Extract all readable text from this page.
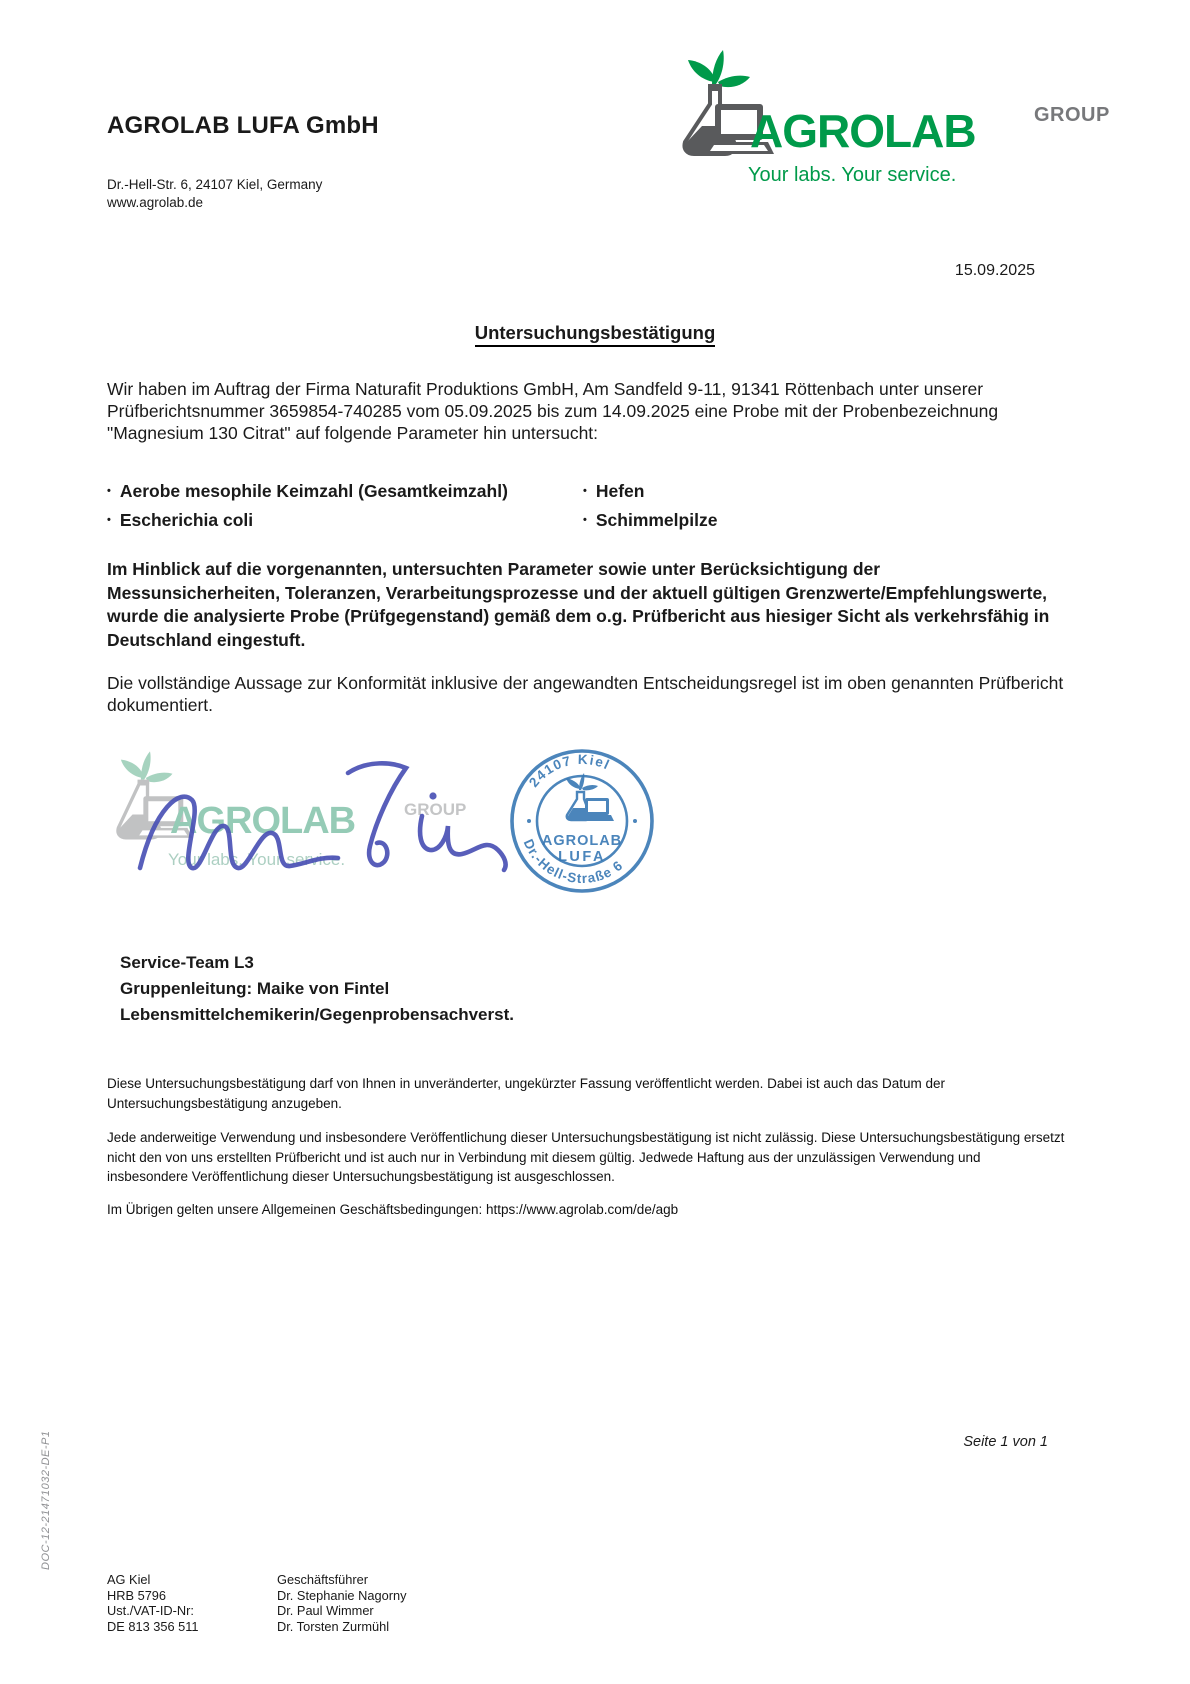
AGROLAB LUFA GmbH
Dr.-Hell-Str. 6, 24107 Kiel, Germany
www.agrolab.de
AGROLAB	GROUP
Your labs. Your service.
15.09.2025
Untersuchungsbestätigung
Wir haben im Auftrag der Firma Naturafit Produktions GmbH, Am Sandfeld 9-11, 91341 Röttenbach unter unserer Prüfberichtsnummer 3659854-740285 vom 05.09.2025 bis zum 14.09.2025 eine Probe mit der Probenbezeichnung "Magnesium 130 Citrat" auf folgende Parameter hin untersucht:
• Aerobe mesophile Keimzahl (Gesamtkeimzahl)
• Escherichia coli
• Hefen
• Schimmelpilze
Im Hinblick auf die vorgenannten, untersuchten Parameter sowie unter Berücksichtigung der Messunsicherheiten, Toleranzen, Verarbeitungsprozesse und der aktuell gültigen Grenzwerte/Empfehlungswerte, wurde die analysierte Probe (Prüfgegenstand) gemäß dem o.g. Prüfbericht aus hiesiger Sicht als verkehrsfähig in Deutschland eingestuft.
Die vollständige Aussage zur Konformität inklusive der angewandten Entscheidungsregel ist im oben genannten Prüfbericht dokumentiert.
AGROLAB	GROUP
Your labs. Your service.
24107 Kiel
Dr.-Hell-Straße 6
AGROLAB
LUFA
Service-Team L3
Gruppenleitung: Maike von Fintel
Lebensmittelchemikerin/Gegenprobensachverst.
Diese Untersuchungsbestätigung darf von Ihnen in unveränderter, ungekürzter Fassung veröffentlicht werden. Dabei ist auch das Datum der Untersuchungsbestätigung anzugeben.
Jede anderweitige Verwendung und insbesondere Veröffentlichung dieser Untersuchungsbestätigung ist nicht zulässig. Diese Untersuchungsbestätigung ersetzt nicht den von uns erstellten Prüfbericht und ist auch nur in Verbindung mit diesem gültig. Jedwede Haftung aus der unzulässigen Verwendung und insbesondere Veröffentlichung dieser Untersuchungsbestätigung ist ausgeschlossen.
Im Übrigen gelten unsere Allgemeinen Geschäftsbedingungen: https://www.agrolab.com/de/agb
Seite 1 von 1
AG Kiel
HRB 5796
Ust./VAT-ID-Nr:
DE 813 356 511
Geschäftsführer
Dr. Stephanie Nagorny
Dr. Paul Wimmer
Dr. Torsten Zurmühl
DOC-12-21471032-DE-P1
